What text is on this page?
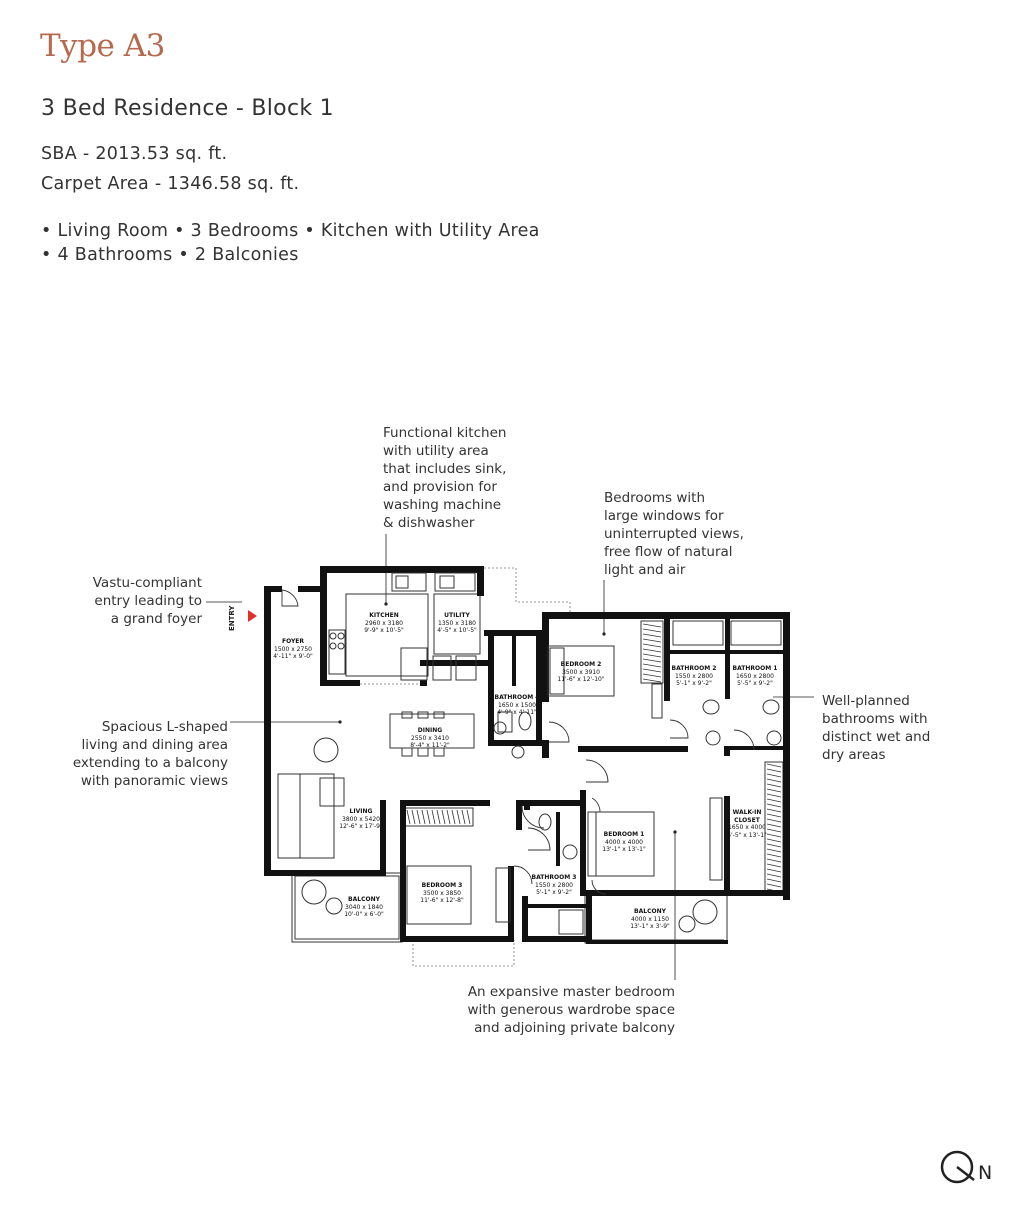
Type A3
3 Bed Residence - Block 1
SBA - 2013.53 sq. ft.
Carpet Area - 1346.58 sq. ft.
• Living Room • 3 Bedrooms • Kitchen with Utility Area
• 4 Bathrooms • 2 Balconies
Functional kitchen
with utility area
that includes sink,
and provision for
washing machine
& dishwasher
Bedrooms with
large windows for
uninterrupted views,
free flow of natural
light and air
Vastu-compliant
entry leading to
a grand foyer
Spacious L-shaped
living and dining area
extending to a balcony
with panoramic views
Well-planned
bathrooms with
distinct wet and
dry areas
An expansive master bedroom
with generous wardrobe space
and adjoining private balcony
KITCHEN
2960 x 3180
9'-9" x 10'-5"
UTILITY
1350 x 3180
4'-5" x 10'-5"
FOYER
1500 x 2750
4'-11" x 9'-0"
BEDROOM 2
3500 x 3910
11'-6" x 12'-10"
BATHROOM 2
1550 x 2800
5'-1" x 9'-2"
BATHROOM 1
1650 x 2800
5'-5" x 9'-2"
BATHROOM 4
1650 x 1500
4'-9" x 4'-11"
DINING
2550 x 3410
8'-4" x 11'-2"
LIVING
3800 x 5420
12'-6" x 17'-9"
BEDROOM 1
4000 x 4000
13'-1" x 13'-1"
BEDROOM 3
3500 x 3850
11'-6" x 12'-8"
BATHROOM 3
1550 x 2800
5'-1" x 9'-2"
BALCONY
3040 x 1840
10'-0" x 6'-0"	BALCONY
4000 x 1150
13'-1" x 3'-9"
WALK-IN
CLOSET
1650 x 4000
5'-5" x 13'-1"
ENTRY
N
